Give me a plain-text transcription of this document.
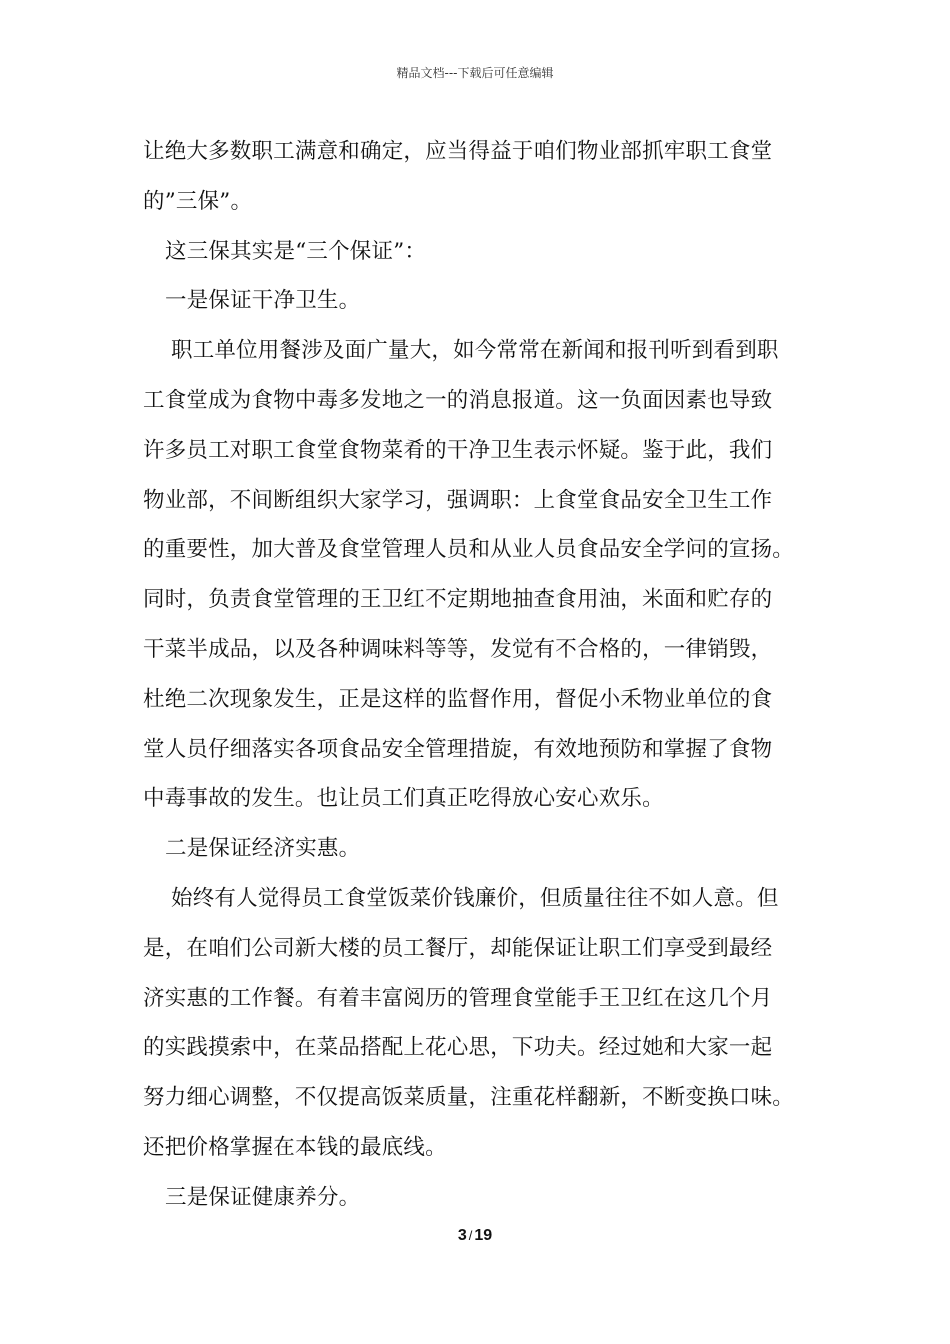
精品文档---下载后可任意编辑

让绝大多数职工满意和确定，应当得益于咱们物业部抓牢职工食堂

的”三保”。

这三保其实是“三个保证”：

一是保证干净卫生。

职工单位用餐涉及面广量大，如今常常在新闻和报刊听到看到职

工食堂成为食物中毒多发地之一的消息报道。这一负面因素也导致

许多员工对职工食堂食物菜肴的干净卫生表示怀疑。鉴于此，我们

物业部，不间断组织大家学习，强调职：上食堂食品安全卫生工作

的重要性，加大普及食堂管理人员和从业人员食品安全学问的宣扬。

同时，负责食堂管理的王卫红不定期地抽查食用油，米面和贮存的

干菜半成品，以及各种调味料等等，发觉有不合格的，一律销毁，

杜绝二次现象发生，正是这样的监督作用，督促小禾物业单位的食

堂人员仔细落实各项食品安全管理措旋，有效地预防和掌握了食物

中毒事故的发生。也让员工们真正吃得放心安心欢乐。

二是保证经济实惠。

始终有人觉得员工食堂饭菜价钱廉价，但质量往往不如人意。但

是，在咱们公司新大楼的员工餐厅，却能保证让职工们享受到最经

济实惠的工作餐。有着丰富阅历的管理食堂能手王卫红在这几个月

的实践摸索中，在菜品搭配上花心思，下功夫。经过她和大家一起

努力细心调整，不仅提高饭菜质量，注重花样翻新，不断变换口味。

还把价格掌握在本钱的最底线。

三是保证健康养分。

3 / 19
